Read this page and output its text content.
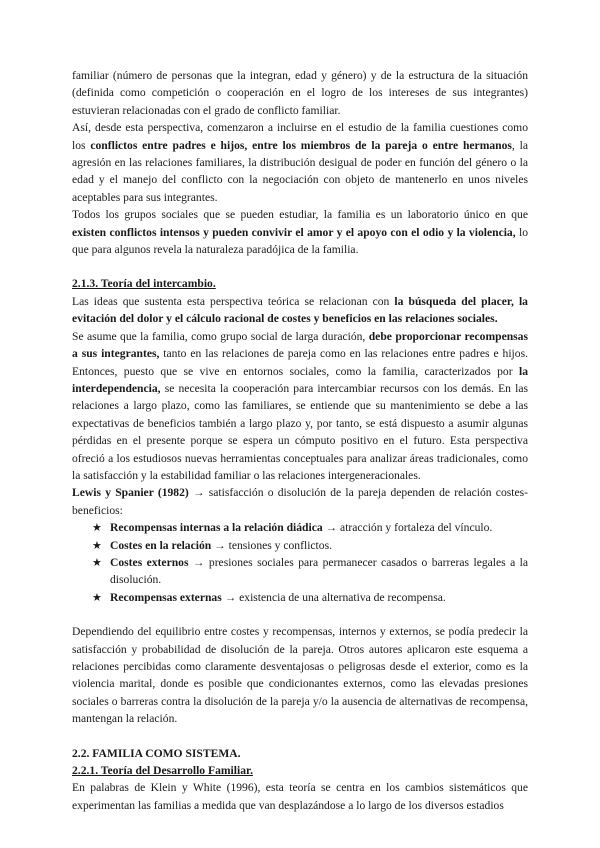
familiar (número de personas que la integran, edad y género) y de la estructura de la situación (definida como competición o cooperación en el logro de los intereses de sus integrantes) estuvieran relacionadas con el grado de conflicto familiar.

Así, desde esta perspectiva, comenzaron a incluirse en el estudio de la familia cuestiones como los conflictos entre padres e hijos, entre los miembros de la pareja o entre hermanos, la agresión en las relaciones familiares, la distribución desigual de poder en función del género o la edad y el manejo del conflicto con la negociación con objeto de mantenerlo en unos niveles aceptables para sus integrantes.

Todos los grupos sociales que se pueden estudiar, la familia es un laboratorio único en que existen conflictos intensos y pueden convivir el amor y el apoyo con el odio y la violencia, lo que para algunos revela la naturaleza paradójica de la familia.

2.1.3. Teoría del intercambio.

Las ideas que sustenta esta perspectiva teórica se relacionan con la búsqueda del placer, la evitación del dolor y el cálculo racional de costes y beneficios en las relaciones sociales.

Se asume que la familia, como grupo social de larga duración, debe proporcionar recompensas a sus integrantes, tanto en las relaciones de pareja como en las relaciones entre padres e hijos. Entonces, puesto que se vive en entornos sociales, como la familia, caracterizados por la interdependencia, se necesita la cooperación para intercambiar recursos con los demás. En las relaciones a largo plazo, como las familiares, se entiende que su mantenimiento se debe a las expectativas de beneficios también a largo plazo y, por tanto, se está dispuesto a asumir algunas pérdidas en el presente porque se espera un cómputo positivo en el futuro. Esta perspectiva ofreció a los estudiosos nuevas herramientas conceptuales para analizar áreas tradicionales, como la satisfacción y la estabilidad familiar o las relaciones intergeneracionales.

Lewis y Spanier (1982) → satisfacción o disolución de la pareja dependen de relación costes-beneficios:

★ Recompensas internas a la relación diádica → atracción y fortaleza del vínculo.
★ Costes en la relación → tensiones y conflictos.
★ Costes externos → presiones sociales para permanecer casados o barreras legales a la disolución.
★ Recompensas externas → existencia de una alternativa de recompensa.

Dependiendo del equilibrio entre costes y recompensas, internos y externos, se podía predecir la satisfacción y probabilidad de disolución de la pareja. Otros autores aplicaron este esquema a relaciones percibidas como claramente desventajosas o peligrosas desde el exterior, como es la violencia marital, donde es posible que condicionantes externos, como las elevadas presiones sociales o barreras contra la disolución de la pareja y/o la ausencia de alternativas de recompensa, mantengan la relación.

2.2. FAMILIA COMO SISTEMA.

2.2.1. Teoría del Desarrollo Familiar.

En palabras de Klein y White (1996), esta teoría se centra en los cambios sistemáticos que experimentan las familias a medida que van desplazándose a lo largo de los diversos estadios
